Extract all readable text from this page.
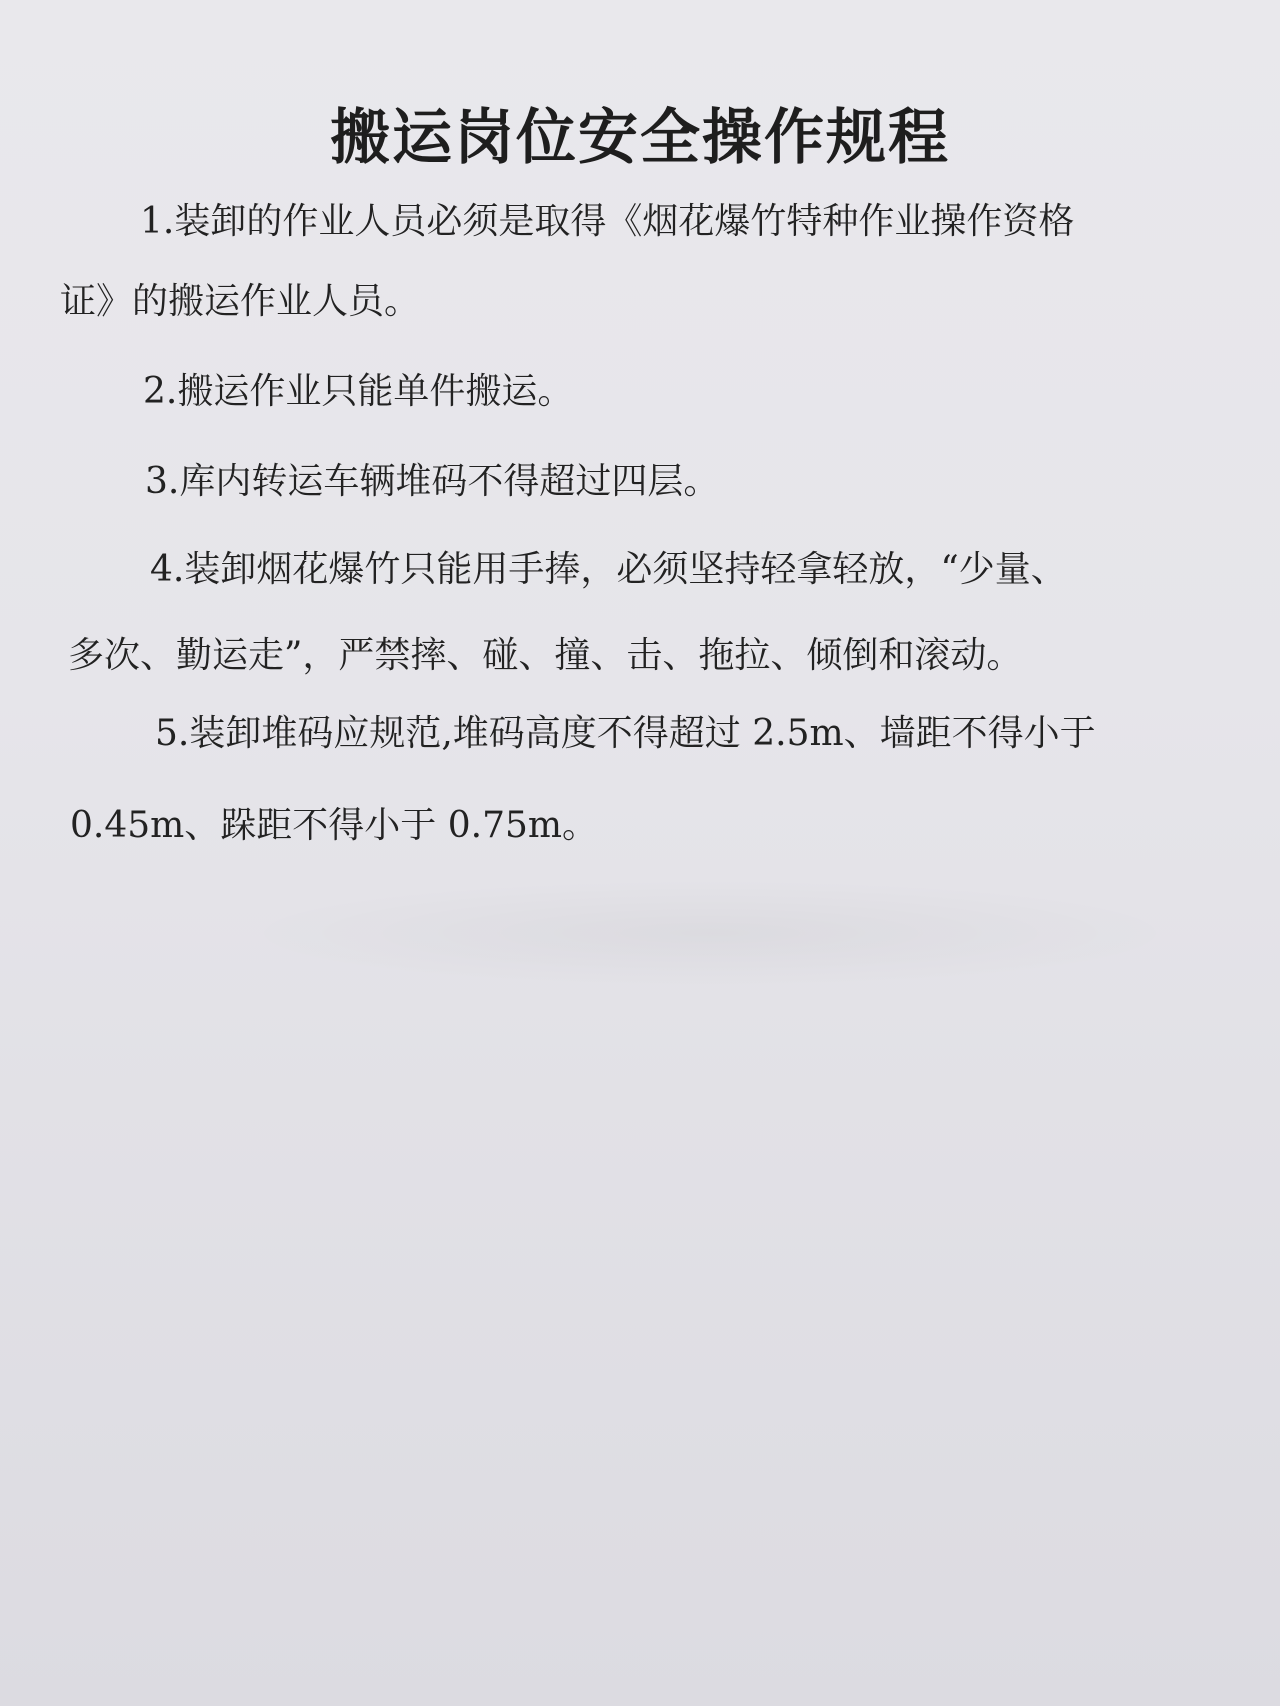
搬运岗位安全操作规程

1.装卸的作业人员必须是取得《烟花爆竹特种作业操作资格

证》的搬运作业人员。

2.搬运作业只能单件搬运。

3.库内转运车辆堆码不得超过四层。

4.装卸烟花爆竹只能用手捧，必须坚持轻拿轻放，“少量、

多次、勤运走”，严禁摔、碰、撞、击、拖拉、倾倒和滚动。

5.装卸堆码应规范,堆码高度不得超过 2.5m、墙距不得小于

0.45m、跺距不得小于 0.75m。
